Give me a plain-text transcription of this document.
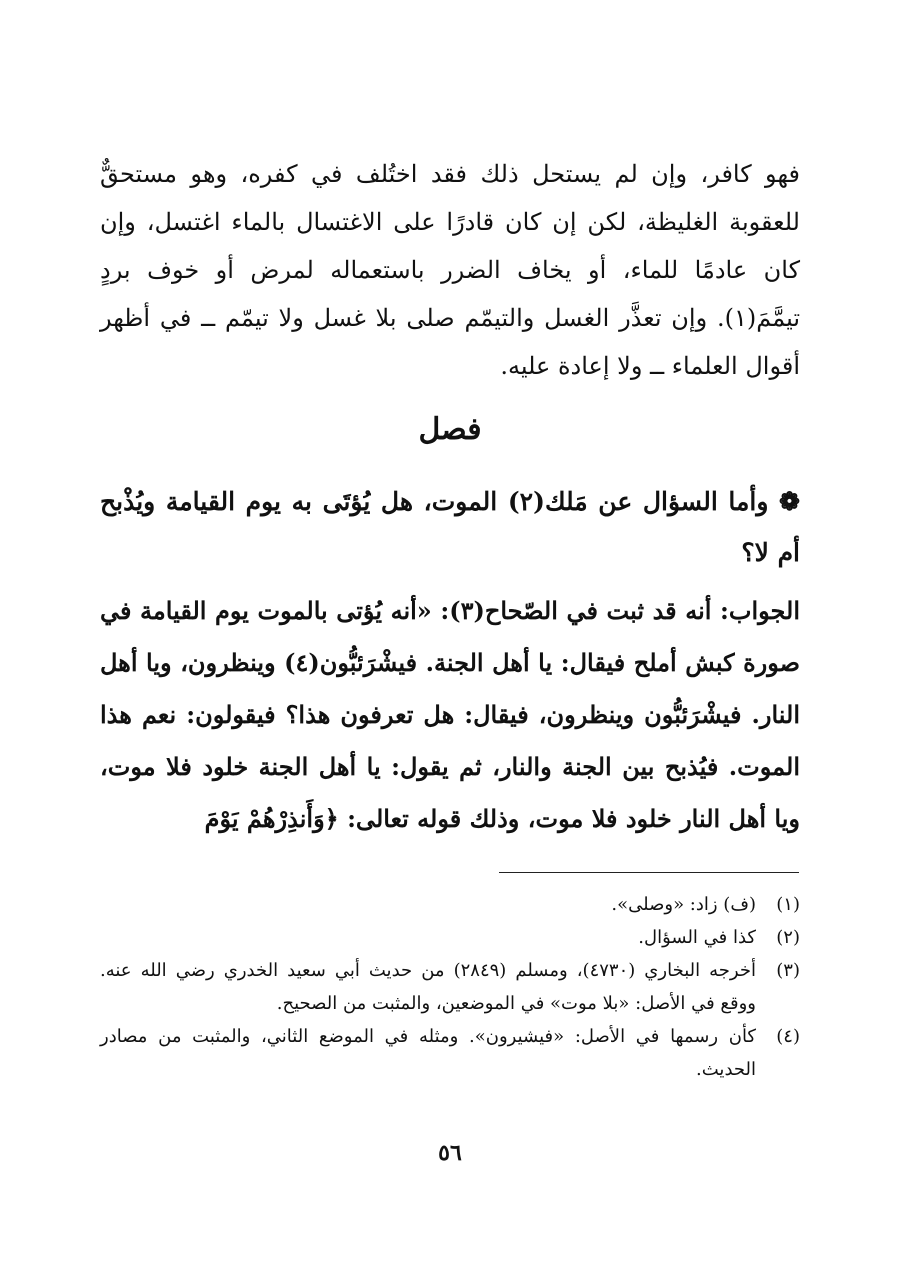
فهو كافر، وإن لم يستحل ذلك فقد اختُلف في كفره، وهو مستحقٌّ للعقوبة الغليظة، لكن إن كان قادرًا على الاغتسال بالماء اغتسل، وإن كان عادمًا للماء، أو يخاف الضرر باستعماله لمرض أو خوف بردٍ تيمَّمَ(١). وإن تعذَّر الغسل والتيمّم صلى بلا غسل ولا تيمّم ــ في أظهر أقوال العلماء ــ ولا إعادة عليه.

فصل

❁ وأما السؤال عن مَلك(٢) الموت، هل يُؤتَى به يوم القيامة ويُذْبح أم لا؟

الجواب: أنه قد ثبت في الصّحاح(٣): «أنه يُؤتى بالموت يوم القيامة في صورة كبش أملح فيقال: يا أهل الجنة. فيشْرَئبُّون(٤) وينظرون، ويا أهل النار. فيشْرَئبُّون وينظرون، فيقال: هل تعرفون هذا؟ فيقولون: نعم هذا الموت. فيُذبح بين الجنة والنار، ثم يقول: يا أهل الجنة خلود فلا موت، ويا أهل النار خلود فلا موت، وذلك قوله تعالى: ﴿وَأَنذِرْهُمْ يَوْمَ

(١)
(ف) زاد: «وصلى».
(٢)
كذا في السؤال.
(٣)
أخرجه البخاري (٤٧٣٠)، ومسلم (٢٨٤٩) من حديث أبي سعيد الخدري رضي الله عنه. ووقع في الأصل: «بلا موت» في الموضعين، والمثبت من الصحيح.
(٤)
كأن رسمها في الأصل: «فيشيرون». ومثله في الموضع الثاني، والمثبت من مصادر الحديث.
٥٦
